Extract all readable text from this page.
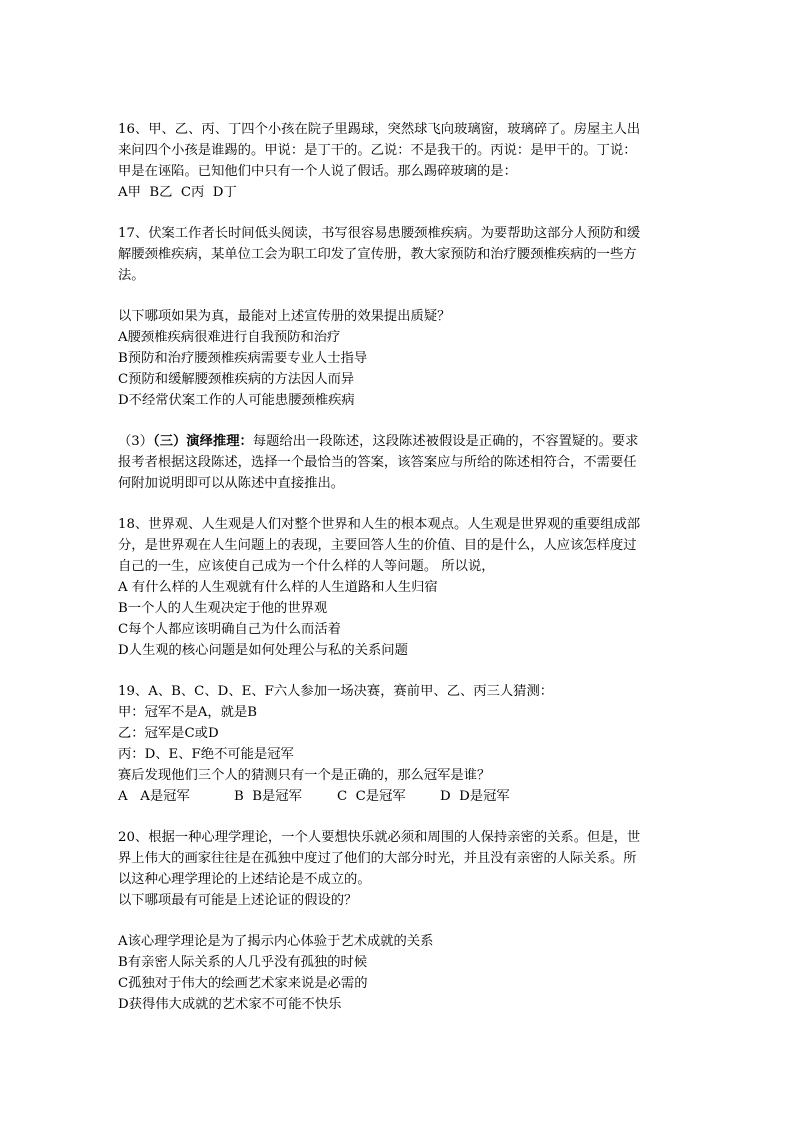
16、甲、乙、丙、丁四个小孩在院子里踢球，突然球飞向玻璃窗，玻璃碎了。房屋主人出
来问四个小孩是谁踢的。甲说：是丁干的。乙说：不是我干的。丙说：是甲干的。丁说：
甲是在诬陷。已知他们中只有一个人说了假话。那么踢碎玻璃的是：
A甲  B乙  C丙  D丁
17、伏案工作者长时间低头阅读，书写很容易患腰颈椎疾病。为要帮助这部分人预防和缓
解腰颈椎疾病，某单位工会为职工印发了宣传册，教大家预防和治疗腰颈椎疾病的一些方
法。
以下哪项如果为真，最能对上述宣传册的效果提出质疑？
A腰颈椎疾病很难进行自我预防和治疗
B预防和治疗腰颈椎疾病需要专业人士指导
C预防和缓解腰颈椎疾病的方法因人而异
D不经常伏案工作的人可能患腰颈椎疾病
（3）（三）演绎推理：每题给出一段陈述，这段陈述被假设是正确的，不容置疑的。要求
报考者根据这段陈述，选择一个最恰当的答案，该答案应与所给的陈述相符合，不需要任
何附加说明即可以从陈述中直接推出。
18、世界观、人生观是人们对整个世界和人生的根本观点。人生观是世界观的重要组成部
分，是世界观在人生问题上的表现，主要回答人生的价值、目的是什么，人应该怎样度过
自己的一生，应该使自己成为一个什么样的人等问题。 所以说，
A 有什么样的人生观就有什么样的人生道路和人生归宿
B一个人的人生观决定于他的世界观
C每个人都应该明确自己为什么而活着
D人生观的核心问题是如何处理公与私的关系问题
19、A、B、C、D、E、F六人参加一场决赛，赛前甲、乙、丙三人猜测：
甲：冠军不是A，就是B
乙：冠军是C或D
丙：D、E、F绝不可能是冠军
赛后发现他们三个人的猜测只有一个是正确的，那么冠军是谁？
A   A是冠军	B  B是冠军	C  C是冠军	D  D是冠军
20、根据一种心理学理论，一个人要想快乐就必须和周围的人保持亲密的关系。但是，世
界上伟大的画家往往是在孤独中度过了他们的大部分时光，并且没有亲密的人际关系。所
以这种心理学理论的上述结论是不成立的。
以下哪项最有可能是上述论证的假设的？
A该心理学理论是为了揭示内心体验于艺术成就的关系
B有亲密人际关系的人几乎没有孤独的时候
C孤独对于伟大的绘画艺术家来说是必需的
D获得伟大成就的艺术家不可能不快乐
